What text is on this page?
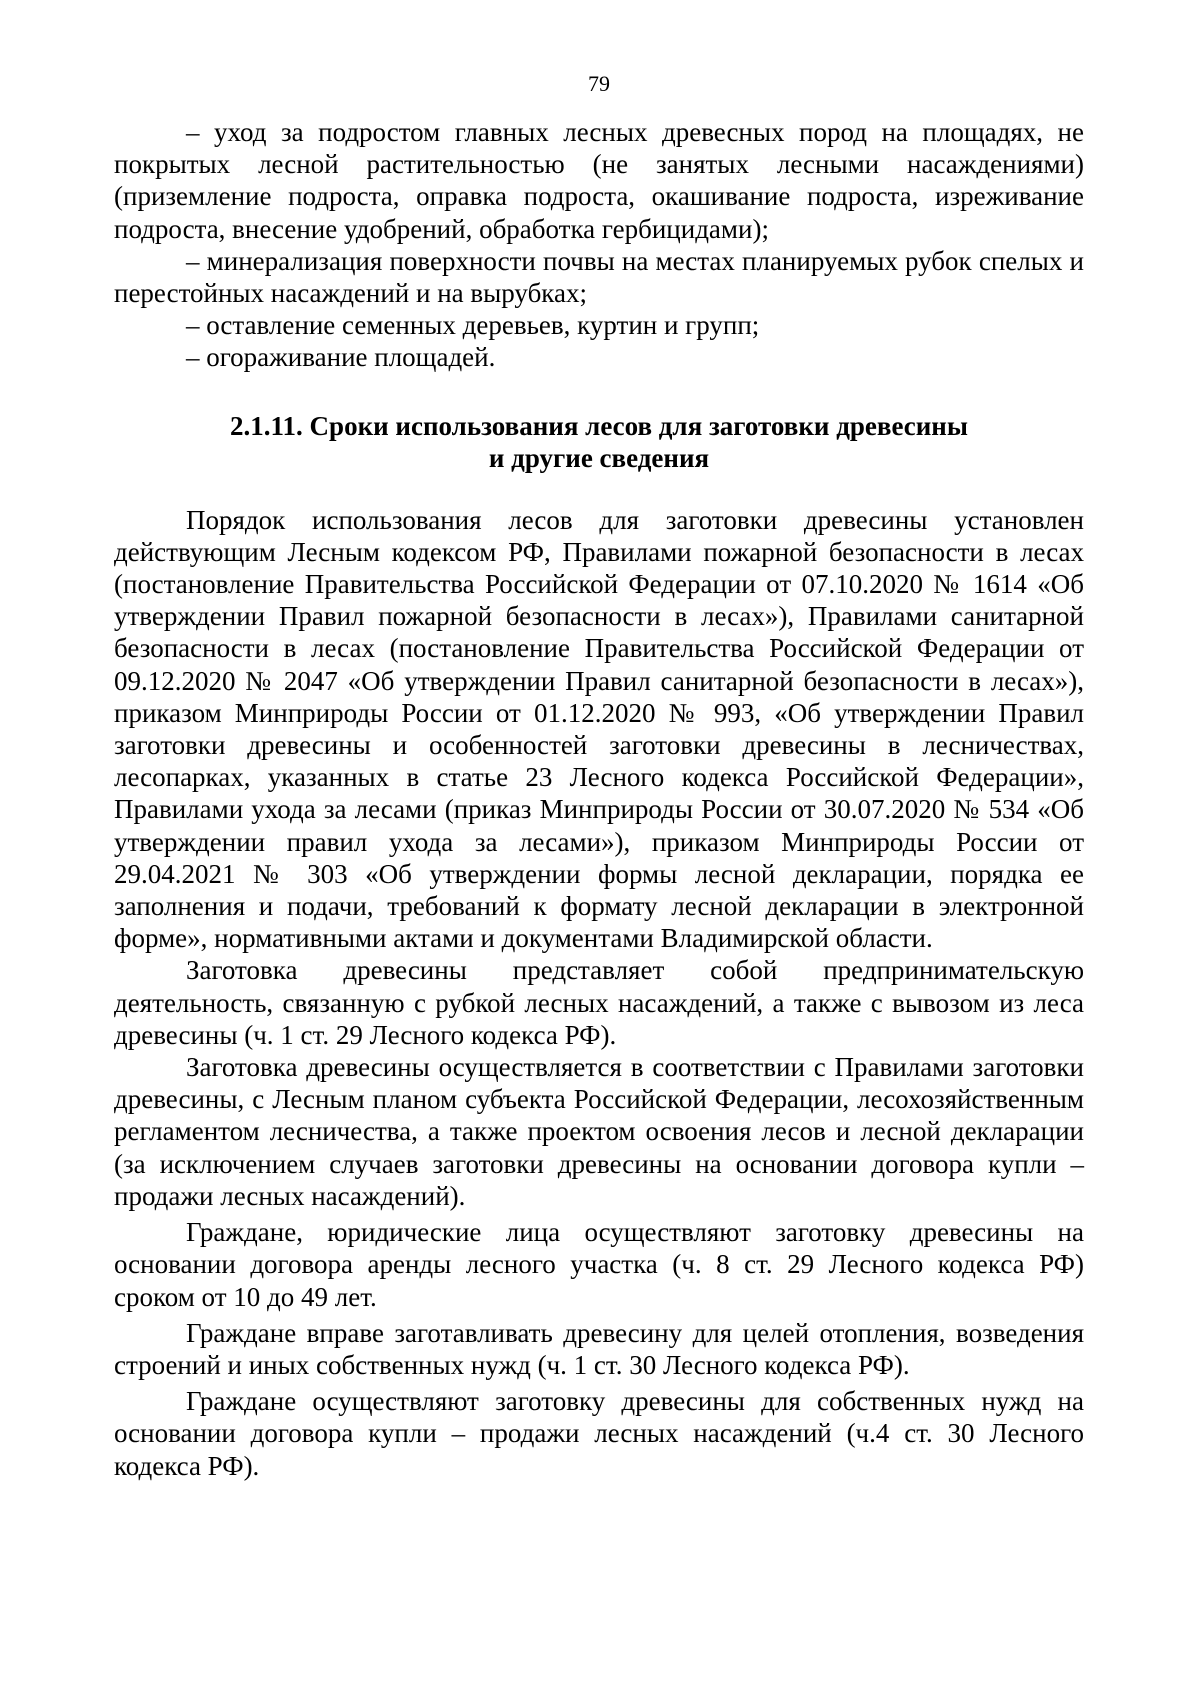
79

– уход за подростом главных лесных древесных пород на площадях, не покрытых лесной растительностью (не занятых лесными насаждениями) (приземление подроста, оправка подроста, окашивание подроста, изреживание подроста, внесение удобрений, обработка гербицидами);

– минерализация поверхности почвы на местах планируемых рубок спелых и перестойных насаждений и на вырубках;

– оставление семенных деревьев, куртин и групп;

– огораживание площадей.

2.1.11. Сроки использования лесов для заготовки древесины
и другие сведения

Порядок использования лесов для заготовки древесины установлен действующим Лесным кодексом РФ, Правилами пожарной безопасности в лесах (постановление Правительства Российской Федерации от 07.10.2020 № 1614 «Об утверждении Правил пожарной безопасности в лесах»), Правилами санитарной безопасности в лесах (постановление Правительства Российской Федерации от 09.12.2020 № 2047 «Об утверждении Правил санитарной безопасности в лесах»), приказом Минприроды России от 01.12.2020 № 993, «Об утверждении Правил заготовки древесины и особенностей заготовки древесины в лесничествах, лесопарках, указанных в статье 23 Лесного кодекса Российской Федерации», Правилами ухода за лесами (приказ Минприроды России от 30.07.2020 № 534 «Об утверждении правил ухода за лесами»), приказом Минприроды России от 29.04.2021 № 303 «Об утверждении формы лесной декларации, порядка ее заполнения и подачи, требований к формату лесной декларации в электронной форме», нормативными актами и документами Владимирской области.

Заготовка древесины представляет собой предпринимательскую деятельность, связанную с рубкой лесных насаждений, а также с вывозом из леса древесины (ч. 1 ст. 29 Лесного кодекса РФ).

Заготовка древесины осуществляется в соответствии с Правилами заготовки древесины, с Лесным планом субъекта Российской Федерации, лесохозяйственным регламентом лесничества, а также проектом освоения лесов и лесной декларации (за исключением случаев заготовки древесины на основании договора купли – продажи лесных насаждений).

Граждане, юридические лица осуществляют заготовку древесины на основании договора аренды лесного участка (ч. 8 ст. 29 Лесного кодекса РФ) сроком от 10 до 49 лет.

Граждане вправе заготавливать древесину для целей отопления, возведения строений и иных собственных нужд (ч. 1 ст. 30 Лесного кодекса РФ).

Граждане осуществляют заготовку древесины для собственных нужд на основании договора купли – продажи лесных насаждений (ч.4 ст. 30 Лесного кодекса РФ).
